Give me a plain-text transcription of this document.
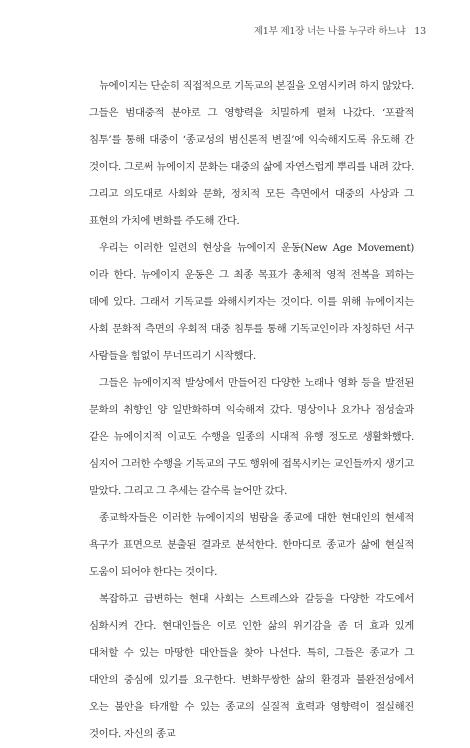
제1부 제1장 너는 나를 누구라 하느냐 13

뉴에이지는 단순히 직접적으로 기독교의 본질을 오염시키려 하지 않았다. 그들은 범대중적 분야로 그 영향력을 치밀하게 펼쳐 나갔다. ‘포괄적 침투’를 통해 대중이 ‘종교성의 범신론적 변질’에 익숙해지도록 유도해 간 것이다. 그로써 뉴에이지 문화는 대중의 삶에 자연스럽게 뿌리를 내려 갔다. 그리고 의도대로 사회와 문화, 정치적 모든 측면에서 대중의 사상과 그 표현의 가치에 변화를 주도해 간다.

우리는 이러한 일련의 현상을 뉴에이지 운동(New Age Movement)이라 한다. 뉴에이지 운동은 그 최종 목표가 총체적 영적 전복을 꾀하는 데에 있다. 그래서 기독교를 와해시키자는 것이다. 이를 위해 뉴에이지는 사회 문화적 측면의 우회적 대중 침투를 통해 기독교인이라 자칭하던 서구 사람들을 힘없이 무너뜨리기 시작했다.

그들은 뉴에이지적 발상에서 만들어진 다양한 노래나 영화 등을 발전된 문화의 취향인 양 일반화하며 익숙해져 갔다. 명상이나 요가나 점성술과 같은 뉴에이지적 이교도 수행을 일종의 시대적 유행 정도로 생활화했다. 심지어 그러한 수행을 기독교의 구도 행위에 접목시키는 교인들까지 생기고 말았다. 그리고 그 추세는 갈수록 늘어만 갔다.

종교학자들은 이러한 뉴에이지의 범람을 종교에 대한 현대인의 현세적 욕구가 표면으로 분출된 결과로 분석한다. 한마디로 종교가 삶에 현실적 도움이 되어야 한다는 것이다.

복잡하고 급변하는 현대 사회는 스트레스와 갈등을 다양한 각도에서 심화시켜 간다. 현대인들은 이로 인한 삶의 위기감을 좀 더 효과 있게 대처할 수 있는 마땅한 대안들을 찾아 나선다. 특히, 그들은 종교가 그 대안의 중심에 있기를 요구한다. 변화무쌍한 삶의 환경과 불완전성에서 오는 불안을 타개할 수 있는 종교의 실질적 효력과 영향력이 절실해진 것이다. 자신의 종교
